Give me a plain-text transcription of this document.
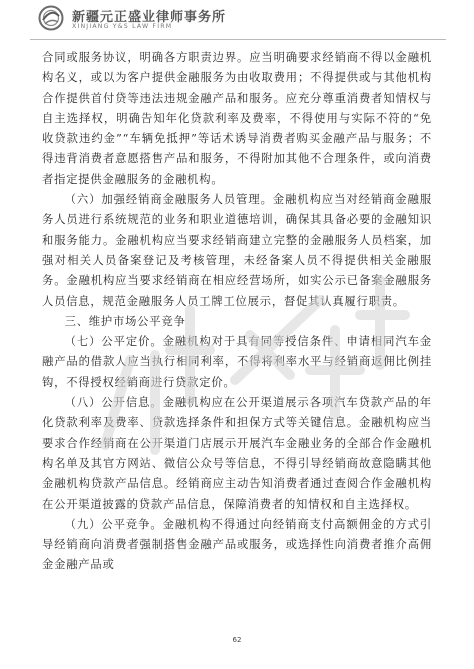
新疆元正盛业律师事务所
XINJIANG Y&S LAW FIRM

合同或服务协议，明确各方职责边界。应当明确要求经销商不得以金融机构名义，或以为客户提供金融服务为由收取费用；不得提供或与其他机构合作提供首付贷等违法违规金融产品和服务。应充分尊重消费者知情权与自主选择权，明确告知年化贷款利率及费率，不得使用与实际不符的“免收贷款违约金”“车辆免抵押”等话术诱导消费者购买金融产品与服务；不得违背消费者意愿搭售产品和服务，不得附加其他不合理条件，或向消费者指定提供金融服务的金融机构。

（六）加强经销商金融服务人员管理。金融机构应当对经销商金融服务人员进行系统规范的业务和职业道德培训，确保其具备必要的金融知识和服务能力。金融机构应当要求经销商建立完整的金融服务人员档案，加强对相关人员备案登记及考核管理，未经备案人员不得提供相关金融服务。金融机构应当要求经销商在相应经营场所，如实公示已备案金融服务人员信息，规范金融服务人员工牌工位展示，督促其认真履行职责。

三、维护市场公平竞争

（七）公平定价。金融机构对于具有同等授信条件、申请相同汽车金融产品的借款人应当执行相同利率，不得将利率水平与经销商返佣比例挂钩，不得授权经销商进行贷款定价。

（八）公开信息。金融机构应在公开渠道展示各项汽车贷款产品的年化贷款利率及费率、贷款选择条件和担保方式等关键信息。金融机构应当要求合作经销商在公开渠道门店展示开展汽车金融业务的全部合作金融机构名单及其官方网站、微信公众号等信息，不得引导经销商故意隐瞒其他金融机构贷款产品信息。经销商应主动告知消费者通过查阅合作金融机构在公开渠道披露的贷款产品信息，保障消费者的知情权和自主选择权。

（九）公平竞争。金融机构不得通过向经销商支付高额佣金的方式引导经销商向消费者强制搭售金融产品或服务，或选择性向消费者推介高佣金金融产品或

62
